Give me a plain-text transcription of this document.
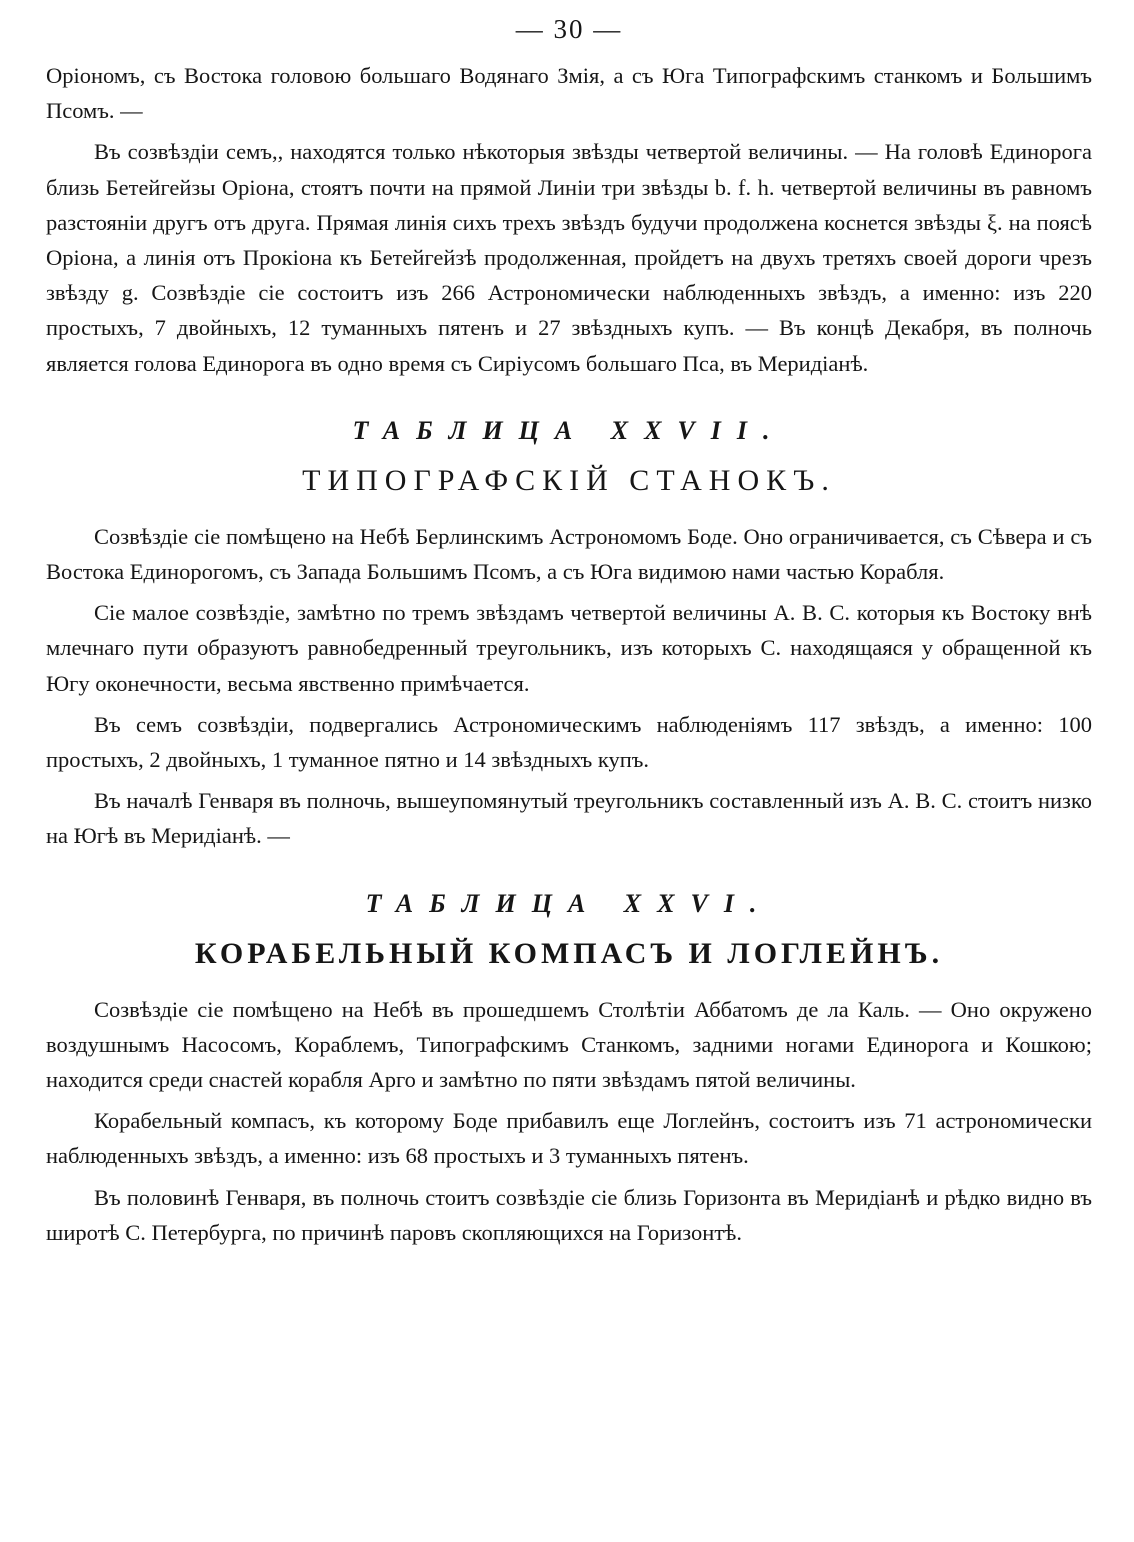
— 30 —

Оріономъ, съ Востока головою большаго Водянаго Змія, а съ Юга Типографскимъ станкомъ и Большимъ Псомъ. —

Въ созвѣздіи семъ,, находятся только нѣкоторыя звѣзды четвертой величины. — На головѣ Единорога близь Бетейгейзы Оріона, стоятъ почти на прямой Линіи три звѣзды b. f. h. четвертой величины въ равномъ разстояніи другъ отъ друга. Прямая линія сихъ трехъ звѣздъ будучи продолжена коснется звѣзды ξ. на поясѣ Оріона, а линія отъ Прокіона къ Бетейгейзѣ продолженная, пройдетъ на двухъ третяхъ своей дороги чрезъ звѣзду g. Созвѣздіе сіе состоитъ изъ 266 Астрономически наблюденныхъ звѣздъ, а именно: изъ 220 простыхъ, 7 двойныхъ, 12 туманныхъ пятенъ и 27 звѣздныхъ купъ. — Въ концѣ Декабря, въ полночь является голова Единорога въ одно время съ Сиріусомъ большаго Пса, въ Меридіанѣ.

ТАБЛИЦА XXVII.
ТИПОГРАФСКІЙ СТАНОКЪ.

Созвѣздіе сіе помѣщено на Небѣ Берлинскимъ Астрономомъ Боде. Оно ограничивается, съ Сѣвера и съ Востока Единорогомъ, съ Запада Большимъ Псомъ, а съ Юга видимою нами частью Корабля.

Сіе малое созвѣздіе, замѣтно по тремъ звѣздамъ четвертой величины А. В. С. которыя къ Востоку внѣ млечнаго пути образуютъ равнобедренный треугольникъ, изъ которыхъ С. находящаяся у обращенной къ Югу оконечности, весьма явственно примѣчается.

Въ семъ созвѣздіи, подвергались Астрономическимъ наблюденіямъ 117 звѣздъ, а именно: 100 простыхъ, 2 двойныхъ, 1 туманное пятно и 14 звѣздныхъ купъ.

Въ началѣ Генваря въ полночь, вышеупомянутый треугольникъ составленный изъ А. В. С. стоитъ низко на Югѣ въ Меридіанѣ. —

ТАБЛИЦА XXVI.
КОРАБЕЛЬНЫЙ КОМПАСЪ И ЛОГЛЕЙНЪ.

Созвѣздіе сіе помѣщено на Небѣ въ прошедшемъ Столѣтіи Аббатомъ де ла Каль. — Оно окружено воздушнымъ Насосомъ, Кораблемъ, Типографскимъ Станкомъ, задними ногами Единорога и Кошкою; находится среди снастей корабля Арго и замѣтно по пяти звѣздамъ пятой величины.

Корабельный компасъ, къ которому Боде прибавилъ еще Логлейнъ, состоитъ изъ 71 астрономически наблюденныхъ звѣздъ, а именно: изъ 68 простыхъ и 3 туманныхъ пятенъ.

Въ половинѣ Генваря, въ полночь стоитъ созвѣздіе сіе близь Горизонта въ Меридіанѣ и рѣдко видно въ широтѣ С. Петербурга, по причинѣ паровъ скопляющихся на Горизонтѣ.
